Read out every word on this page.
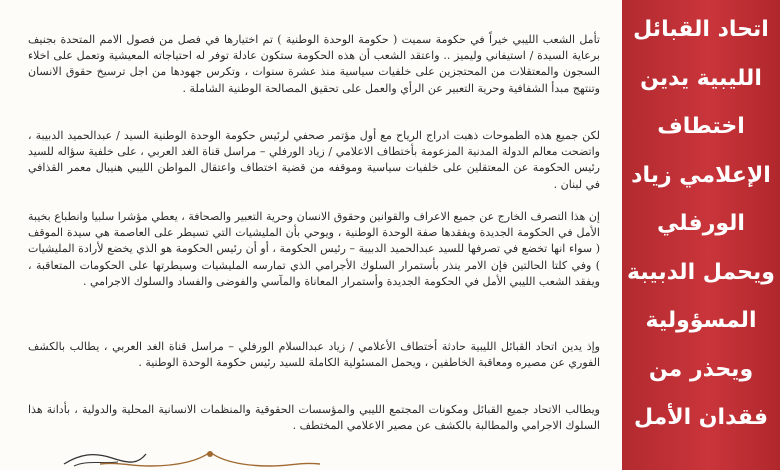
تأمل الشعب الليبي خيراً في حكومة سميت ( حكومة الوحدة الوطنية ) تم اختيارها في فصل من فصول الامم المتحدة بجنيف برعاية السيدة / استيفاني وليميز .. واعتقد الشعب أن هذه الحكومة ستكون عادلة توفر له احتياجاته المعيشية وتعمل على اخلاء السجون والمعتقلات من المحتجزين على خلفيات سياسية منذ عشرة سنوات ، وتكرس جهودها من اجل ترسيخ حقوق الانسان وتنتهج مبدأ الشفافية وحرية التعبير عن الرأي والعمل على تحقيق المصالحة الوطنية الشاملة .

لكن جميع هذه الطموحات ذهبت ادراج الرياح مع أول مؤتمر صحفي لرئيس حكومة الوحدة الوطنية السيد / عبدالحميد الدبيبة ، واتضحت معالم الدولة المدنية المزعومة بأختطاف الاعلامي / زياد الورفلي – مراسل قناة الغد العربي ، على خلفية سؤاله للسيد رئيس الحكومة عن المعتقلين على خلفيات سياسية وموقفه من قضية اختطاف واعتقال المواطن الليبي هنيبال معمر القذافي في لبنان .

إن هذا التصرف الخارج عن جميع الاعراف والقوانين وحقوق الانسان وحرية التعبير والصحافة ، يعطي مؤشرا سلبيا وانطباع بخيبة الأمل في الحكومة الجديدة ويفقدها صفة الوحدة الوطنية ، ويوحي بأن المليشيات التي تسيطر على العاصمة هي سيدة الموقف ( سواء انها تخضع في تصرفها للسيد عبدالحميد الدبيبة – رئيس الحكومة ، أو أن رئيس الحكومة هو الذي يخضع لأرادة المليشيات ) وفي كلتا الحالتين فإن الامر ينذر بأستمرار السلوك الأجرامي الذي تمارسه المليشيات وسيطرتها على الحكومات المتعاقبة ، ويفقد الشعب الليبي الأمل في الحكومة الجديدة وأستمرار المعاناة والمآسي والفوضى والفساد والسلوك الاجرامي .

وإذ يدين اتحاد القبائل الليبية حادثة أختطاف الأعلامي / زياد عبدالسلام الورفلي – مراسل قناة الغد العربي ، يطالب بالكشف الفوري عن مصيره ومعاقبة الخاطفين ، ويحمل المسئولية الكاملة للسيد رئيس حكومة الوحدة الوطنية .

ويطالب الاتحاد جميع القبائل ومكونات المجتمع الليبي والمؤسسات الحقوقية والمنظمات الانسانية المحلية والدولية ، بأدانة هذا السلوك الاجرامي والمطالبة بالكشف عن مصير الاعلامي المختطف .

اتحاد القبائل الليبية يدين اختطاف الإعلامي زياد الورفلي ويحمل الدبيبة المسؤولية ويحذر من فقدان الأمل
